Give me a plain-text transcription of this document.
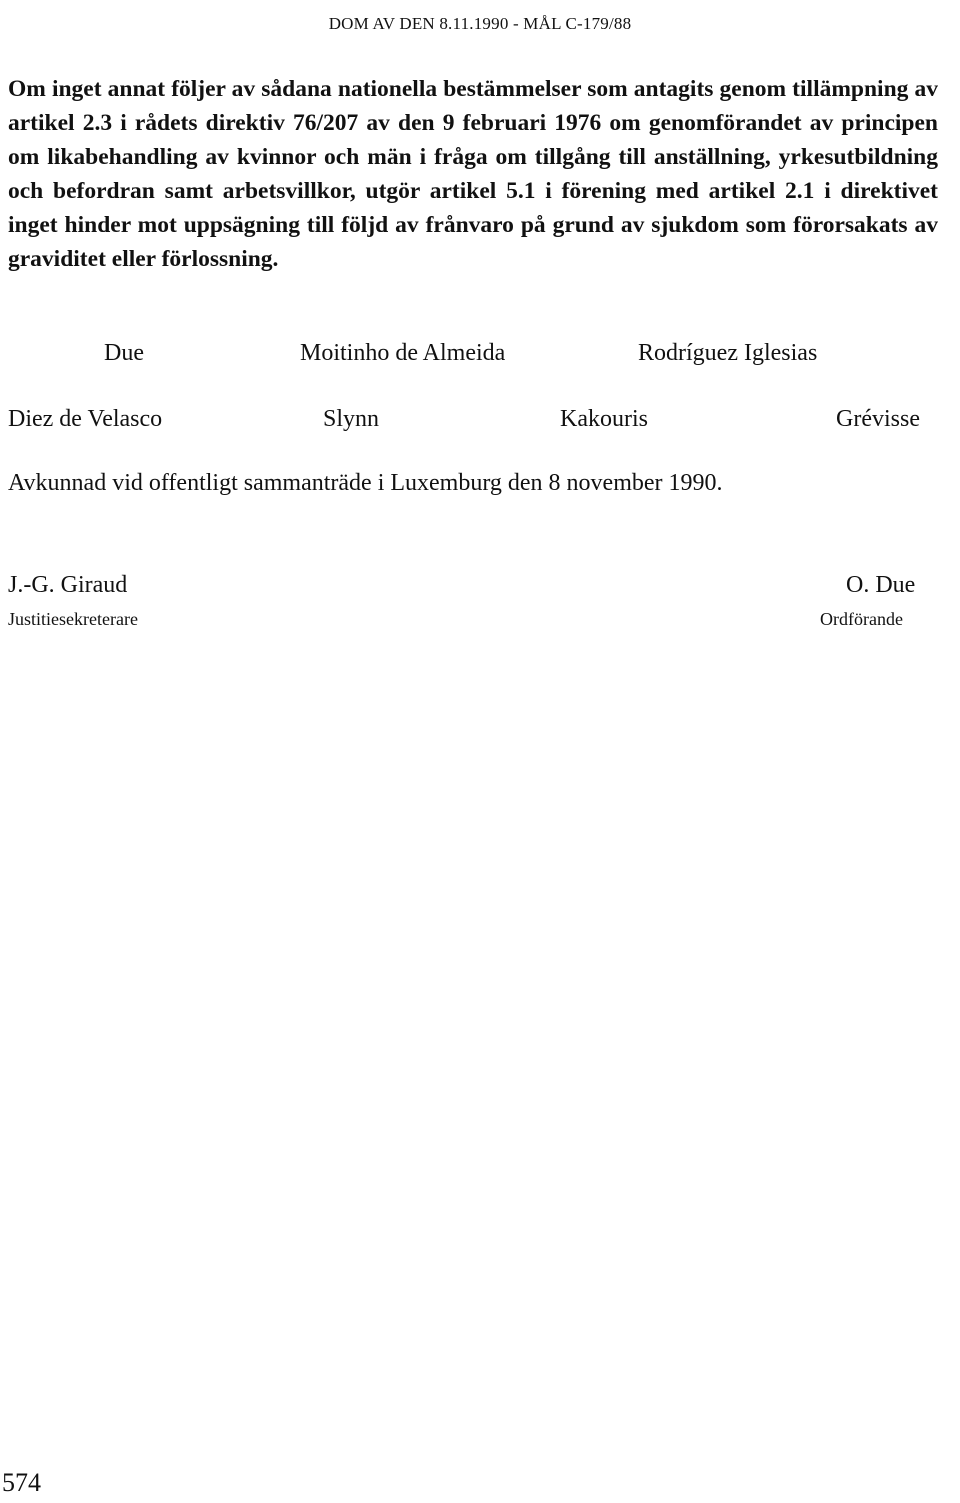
DOM AV DEN 8.11.1990 - MÅL C-179/88

Om inget annat följer av sådana nationella bestämmelser som antagits genom tillämpning av artikel 2.3 i rådets direktiv 76/207 av den 9 februari 1976 om genomförandet av principen om likabehandling av kvinnor och män i fråga om tillgång till anställning, yrkesutbildning och befordran samt arbetsvillkor, utgör artikel 5.1 i förening med artikel 2.1 i direktivet inget hinder mot uppsägning till följd av frånvaro på grund av sjukdom som förorsakats av graviditet eller förlossning.

Due	Moitinho de Almeida	Rodríguez Iglesias
Diez de Velasco	Slynn	Kakouris	Grévisse
Avkunnad vid offentligt sammanträde i Luxemburg den 8 november 1990.
J.-G. Giraud
Justitiesekreterare
O. Due
Ordförande
574
